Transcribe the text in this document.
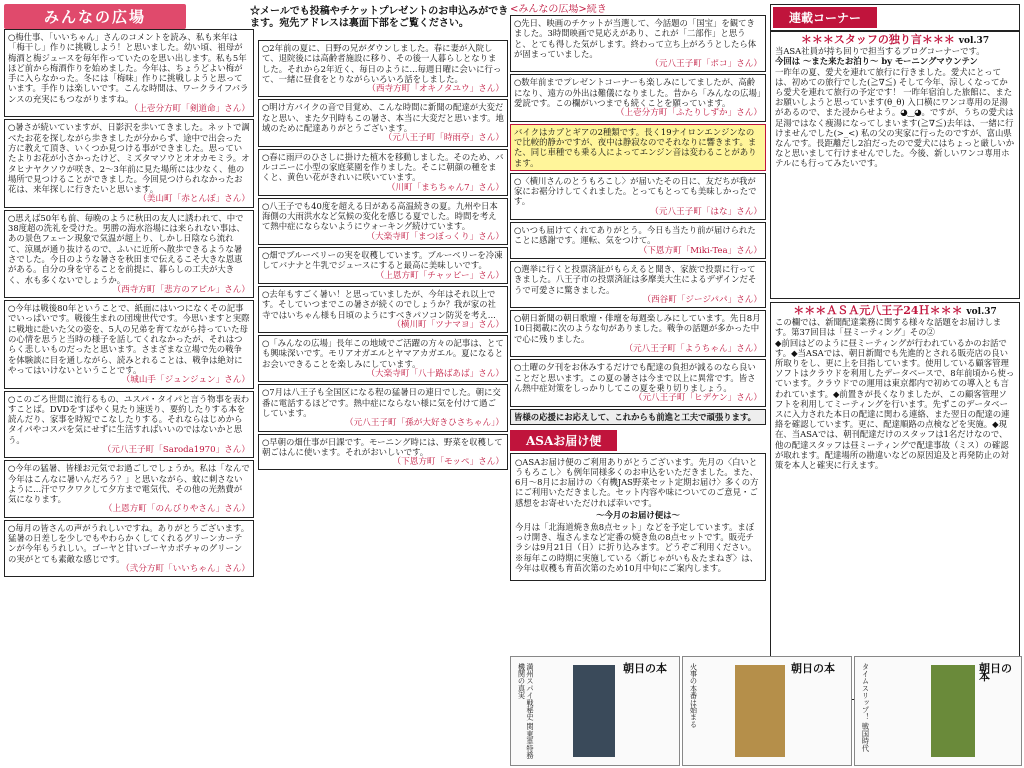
みんなの広場
○梅仕事、「いいちゃん」さんのコメントを読み、私も来年は「梅干し」作りに挑戦しよう！と思いました。幼い頃、祖母が梅酒と梅ジュースを毎年作っていたのを思い出します。私も5年ほど前から梅酒作りを始めました。今年は、ちょうどよい梅が手に入らなかった。冬には「梅味」作りに挑戦しようと思っています。手作りは楽しいです。こんな時間は、ワークライフバランスの充実にもつながりますね。
（上壱分方町「剣道命」さん）
○暑さが続いていますが、日影沢を歩いてきました。ネットで調べたお花を探しながら歩きましたが分からず、途中で出会った方に教えて頂き、いくつか見つける事ができました。思っていたよりお花が小さかったけど、ミズタマソウとオオカモミラ。オタヒナヤクソウが咲き、2～3年前に見た場所には少なく、他の場所で見つけることができました。今回見つけられなかったお花は、来年探しに行きたいと思います。
（美山町「赤とんぼ」さん）
○思えば50年も前、毎晩のように秋田の友人に誘われて、中で38度超の洗礼を受けた。男勝の海水浴場には来られない事は、あの景色フェーン現象で気温が超上り、しかし日陰なら流れて、涼風が通り抜けるので、ふいに近所へ散歩できるような暑さでした。今日のような暑さを秋田まで伝えるこそ大きな恩恵がある。自分の身を守ることを前提に、暮らしの工夫が大きく、水も多くないでしょうか。
（西寺方町「悲方のアビル」さん）
○今年は戦後80年ということで、紙面にはいつになくその記事でいっぱいです。戦後生まれの団塊世代です。今思いますと実際に戦地に赴いた父の姿を、5人の兄弟を育てながら持っていた母の心情を思うと当時の様子を話してくれなかったが、それはつらく悲しいものだったと思います。さまざまな立場で先の戦争を体験談に目を通しながら、読みとれることは、戦争は絶対にやってはいけないということです。
（城山手「ジュンジュン」さん）
○このごろ世間に流行るもの、ユスパ・タイパと言う物事を表わすことば。DVDをすばやく見たり速送り、要約したりする本を読んだり、家事を時短でこなしたりする。それならはじめからタイパやコスパを気にせずに生活すればいいのではないかと思う。
（元八王子町「Saroda1970」さん）
○今年の猛暑、皆様お元気でお過ごしでしょうか。私は「なんで今年はこんなに暑いんだろう？」と思いながら、蚊に刺さないように...汗でワクワクして夕方まで電気代、その他の光熱費が気になります。
（上恩方町「のんびりやさん」さん）
○毎月の皆さんの声がうれしいですね。ありがとうございます。猛暑の日差しを少しでもやわらかくしてくれるグリーンカーテンが今年もうれしい。ゴーヤと甘いゴーヤカボチャのグリーンの実がとても素敵な感じです。
（弐分方町「いいちゃん」さん）
☆メールでも投稿やチケットプレゼントのお申込みができます。宛先アドレスは裏面下部をご覧ください。
○2年前の夏に、日野の兄がダウンしました。春に妻が入院して、退院後には高齢者施設に移り、その後一人暮らしとなりました。それから2年近く、毎日のように...毎週日曜に会いに行って、一緒に昼食をとりながらいろいろ話をしました。
（西寺方町「オキノタユウ」さん）
○明け方バイクの音で目覚め、こんな時間に新聞の配達が大変だなと思い、また夕刊時もこの暑さ、本当に大変だと思います。地域のために配達ありがとうございます。
（元八王子町「時雨亭」さん）
○春に雨戸のひさしに掛けた植木を移動しました。そのため、バルコニーに小型の家庭菜園を作りました。そこに朝顔の種をまくと、黄色い花がきれいに咲いています。
（川町「まちちゃん7」さん）
○八王子でも40度を超える日がある高温続きの夏。九州や日本海側の大雨洪水など気候の変化を感じる夏でした。時間を考えて熱中症にならないようにウォーキング続けています。
（大楽寺町「まつぼっくり」さん）
○畑でブルーベリーの実を収穫しています。ブルーベリーを冷凍してバナナと牛乳でジュースにすると最高に美味しいです。
（上恩方町「チャッピー」さん）
○去年もすごく暑い！と思っていましたが、今年はそれ以上です。そしていつまでこの暑さが続くのでしょうか？我が家の社寺ではいちゃん様も日頃のようにすべきパソコン防災を考え...
（横川町「ツナマヨ」さん）
○「みんなの広場」長年この地域でご活躍の方々の記事は、とても興味深いです。モリアオガエルとヤマアカガエル。夏になるとお会いできることを楽しみにしています。
（大楽寺町「八十路ばあば」さん）
○7月は八王子も全国区になる程の猛暑日の連日でした。朝に交番に電話するほどです。熱中症にならない様に気を付けて過ごしています。
（元八王子町「孫が大好きひさちゃん」）
○早朝の畑仕事が日課です。モーニング時には、野菜を収穫して朝ごはんに使います。それがおいしいです。
（下恩方町「モッペ」さん）
<みんなの広場>続き
○先日、映画のチケットが当選して、今話題の「国宝」を観てきました。3時間映画で見応えがあり、これが「二部作」と思うと、とても得した気がします。終わって立ち上がろうとしたら体が固まっていました。
（元八王子町「ポコ」さん）
○数年前までプレゼントコーナーも楽しみにしてましたが、高齢になり、遠方の外出は難儀になりました。昔から「みんなの広場」愛読です。この欄がいつまでも続くことを願っています。
（上壱分方町「ふたりしずか」さん）
バイクはカブとギアの2種類です。長く19ナイロンエンジンなので比較的静かですが、夜中は静寂なのでそれなりに響きます。また、同じ車種でも乗る人によってエンジン音は変わることがあります。
○〈横川さんのとうもろこし〉が届いたその日に、友だちが我が家にお裾分けしてくれました。とってもとっても美味しかったです。
（元八王子町「はな」さん）
○いつも届けてくれてありがとう。今日も当たり前が届けられたことに感謝です。運転、気をつけて。
（下恩方町「Miki-Tea」さん）
○選挙に行くと投票済証がもらえると聞き、家族で投票に行ってきました。八王子市の投票済証は多摩美大生によるデザインだそうで可愛さに驚きました。
（西谷町「ジージパパ」さん）
○朝日新聞の朝日歌壇・俳壇を毎週楽しみにしています。先日8月10日掲載に次のような句がありました。戦争の話題が多かった中で心に残りました。
（元八王子町「ようちゃん」さん）
○土曜の夕刊をお休みするだけでも配達の負担が減るのなら良いことだと思います。この夏の暑さは今まで以上に異常です。皆さん熱中症対策をしっかりしてこの夏を乗り切りましょう。
（元八王子町「ヒデケン」さん）
皆様の応援にお応えして、これからも前進と工夫で頑張ります。
ASAお届け便
○ASAお届け便のご利用ありがとうございます。先月の〈白いとうもろこし〉も例年同様多くのお申込をいただきました。また、6月～8月にお届けの〈有機JAS野菜セット定期お届け〉多くの方にご利用いただきました。セット内容や味についてのご意見・ご感想をお寄せいただければ幸いです。
～今月のお届け便は～
今月は「北海道焼き魚8点セット」などを予定しています。まぼっけ開き、塩さんまなど定番の焼き魚の8点セットです。販売チラシは9月21日（日）に折り込みます。どうぞご利用ください。※毎年この時期に実施している〈新じゃがいも＆たまねぎ〉は、今年は収穫も育苗次第のため10月中旬にご案内します。
連載コーナー
＊＊＊スタッフの独り言＊＊＊ vol.37
当ASA社員が持ち回りで担当するブログコーナーです。
今回は ～また来たお泊り～ by モーニングマウンテン
一昨年の夏、愛犬を連れて旅行に行きました。愛犬にとっては、初めての旅行でした(≧∇≦) そして今年、涼しくなってから愛犬を連れて旅行の予定です！ 一昨年宿泊した旅館に、またお願いしようと思っています(θ_θ) 入口横にワンコ専用の足湯があるので、また浸からせよう。◕‿◕。ですが、うちの愛犬は足湯ではなく痩湯になってしまいます(≧∇≦)去年は、一緒に行けませんでした(>_<) 私の父の実家に行ったのですが、富山県なんです。長距離だし2泊だったので愛犬にはちょっと厳しいかなと思いまして行けませんでした。今後、新しいワンコ専用ホテルにも行ってみたいです。
＊＊＊ＡＳＡ元八王子24Ｈ＊＊＊ vol.37
この欄では、新聞配達業務に関する様々な話題をお届けします。第37回目は「昼ミーティング」その②
◆前回はどのように昼ミーティングが行われているかのお話です。◆当ASAでは、朝日新聞でも先進的とされる販売店の良い所取りをし、更に上を目指しています。使用している顧客管理ソフトはクラウドを利用したデータベースで、8年前頃から使っています。クラウドでの運用は東京都内で初めての導入とも言われています。◆前置きが長くなりましたが、この顧客管理ソフトを利用してミーティングを行います。先ずこのデータベースに入力された本日の配達に関わる連絡、また翌日の配達の連絡を確認しています。更に、配達順路の点検などを実施。◆現在、当ASAでは、朝刊配達だけのスタッフは1名だけなので、他の配達スタッフは昼ミーティングで配達事故（ミス）の確認が取れます。配達場所の勘違いなどの原因追及と再発防止の対策を本人と確実に行えます。
朝日の本
満州スパイ戦秘史 関東軍特務機関の真実	朝日の本
火事の本番は始まる	朝日の本
タイムスリップ！ 戦国時代
